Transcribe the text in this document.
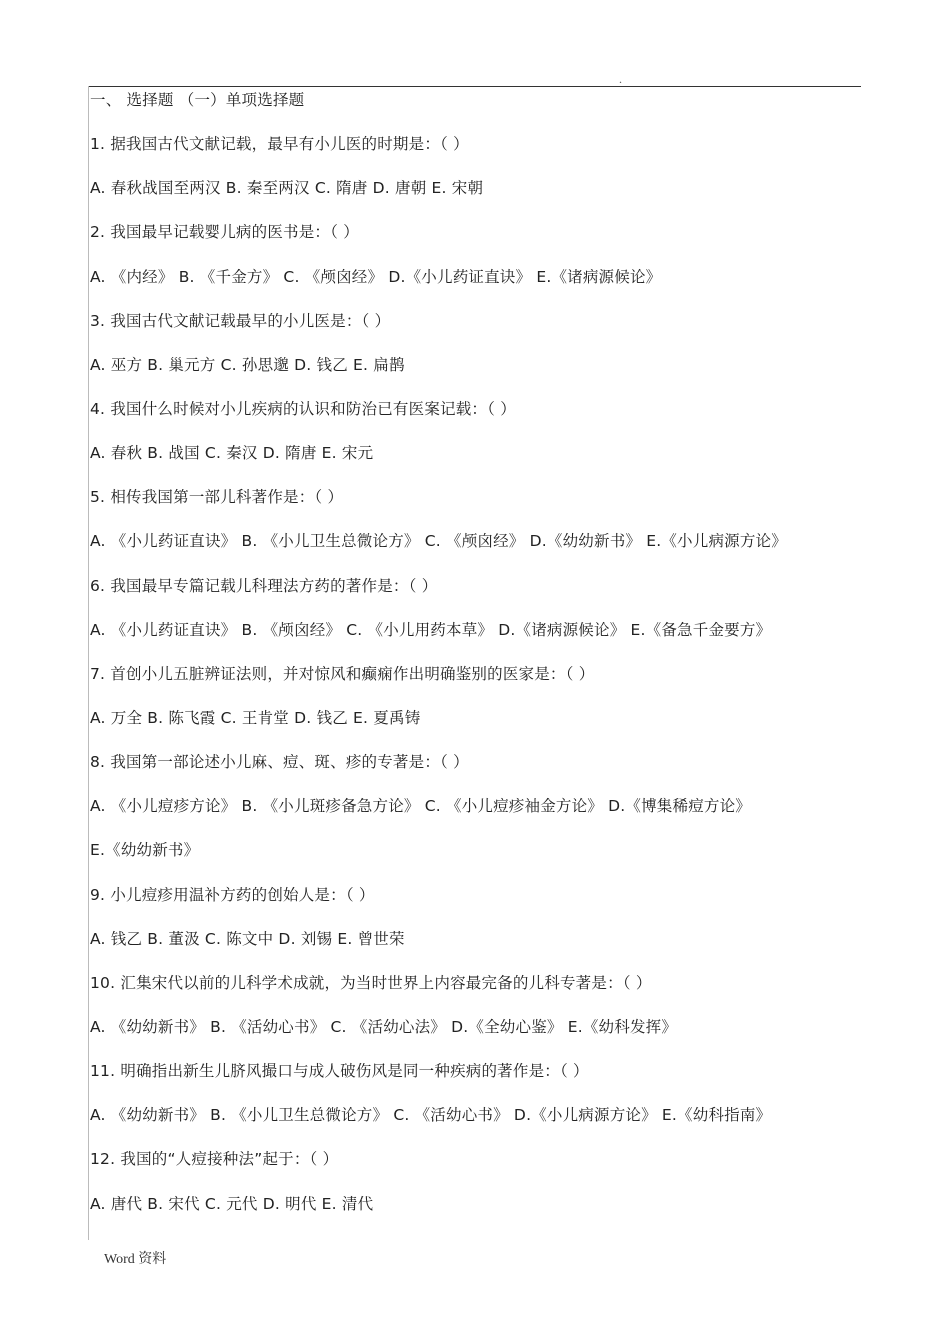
.
一、 选择题 （一）单项选择题
1. 据我国古代文献记载，最早有小儿医的时期是：（ ）
A. 春秋战国至两汉 B. 秦至两汉 C. 隋唐 D. 唐朝 E. 宋朝
2. 我国最早记载婴儿病的医书是：（ ）
A. 《内经》 B. 《千金方》 C. 《颅囟经》 D.《小儿药证直诀》 E.《诸病源候论》
3. 我国古代文献记载最早的小儿医是：（ ）
A. 巫方 B. 巢元方 C. 孙思邈 D. 钱乙 E. 扁鹊
4. 我国什么时候对小儿疾病的认识和防治已有医案记载：（ ）
A. 春秋 B. 战国 C. 秦汉 D. 隋唐 E. 宋元
5. 相传我国第一部儿科著作是：（ ）
A. 《小儿药证直诀》 B. 《小儿卫生总微论方》 C. 《颅囟经》 D.《幼幼新书》 E.《小儿病源方论》
6. 我国最早专篇记载儿科理法方药的著作是：（ ）
A. 《小儿药证直诀》 B. 《颅囟经》 C. 《小儿用药本草》 D.《诸病源候论》 E.《备急千金要方》
7. 首创小儿五脏辨证法则，并对惊风和癫痫作出明确鉴别的医家是：（ ）
A. 万全 B. 陈飞霞 C. 王肯堂 D. 钱乙 E. 夏禹铸
8. 我国第一部论述小儿麻、痘、斑、疹的专著是：（ ）
A. 《小儿痘疹方论》 B. 《小儿斑疹备急方论》 C. 《小儿痘疹袖金方论》 D.《博集稀痘方论》
E.《幼幼新书》
9. 小儿痘疹用温补方药的创始人是：（ ）
A. 钱乙 B. 董汲 C. 陈文中 D. 刘锡 E. 曾世荣
10. 汇集宋代以前的儿科学术成就，为当时世界上内容最完备的儿科专著是：（ ）
A. 《幼幼新书》 B. 《活幼心书》 C. 《活幼心法》 D.《全幼心鉴》 E.《幼科发挥》
11. 明确指出新生儿脐风撮口与成人破伤风是同一种疾病的著作是：（ ）
A. 《幼幼新书》 B. 《小儿卫生总微论方》 C. 《活幼心书》 D.《小儿病源方论》 E.《幼科指南》
12. 我国的“人痘接种法”起于：（ ）
A. 唐代 B. 宋代 C. 元代 D. 明代 E. 清代
Word 资料
